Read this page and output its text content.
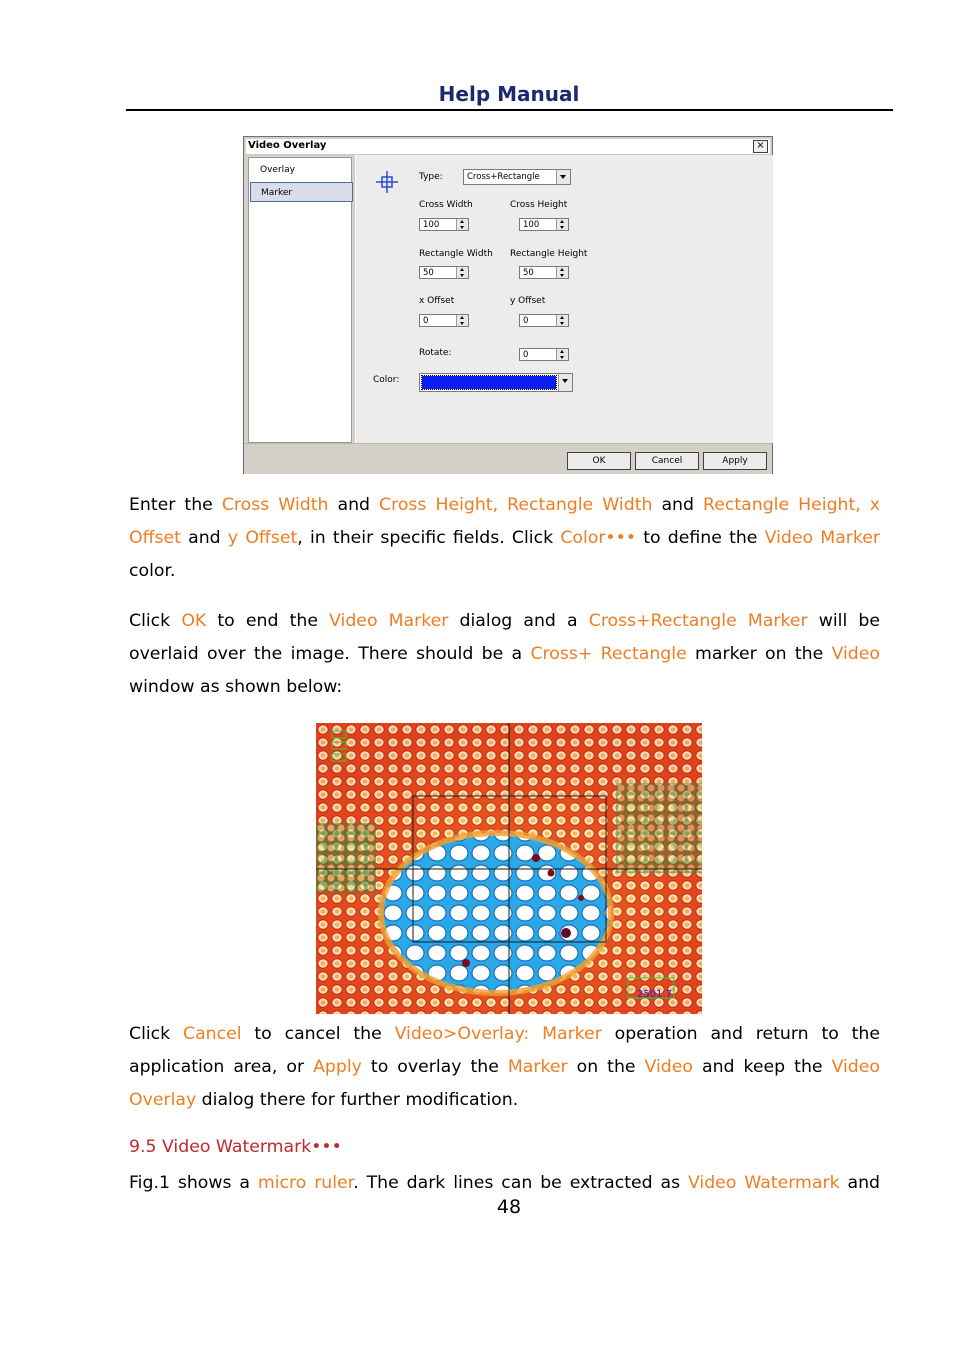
Help Manual
Video Overlay	×
Overlay
Marker
Type:	Cross+Rectangle
Cross Width
100
Cross Height
100
Rectangle Width
50
Rectangle Height
50
x Offset
0
y Offset
0
Rotate:	0
Color:
OK	Cancel	Apply
Enter the Cross Width and Cross Height, Rectangle Width and Rectangle Height, x
Offset and y Offset, in their specific fields. Click Color••• to define the Video Marker
color.
Click OK to end the Video Marker dialog and a Cross+Rectangle Marker will be
overlaid over the image. There should be a Cross+ Rectangle marker on the Video
window as shown below:
2501.7
Click Cancel to cancel the Video>Overlay: Marker operation and return to the
application area, or Apply to overlay the Marker on the Video and keep the Video
Overlay dialog there for further modification.
9.5 Video Watermark•••
Fig.1 shows a micro ruler. The dark lines can be extracted as Video Watermark and
48
